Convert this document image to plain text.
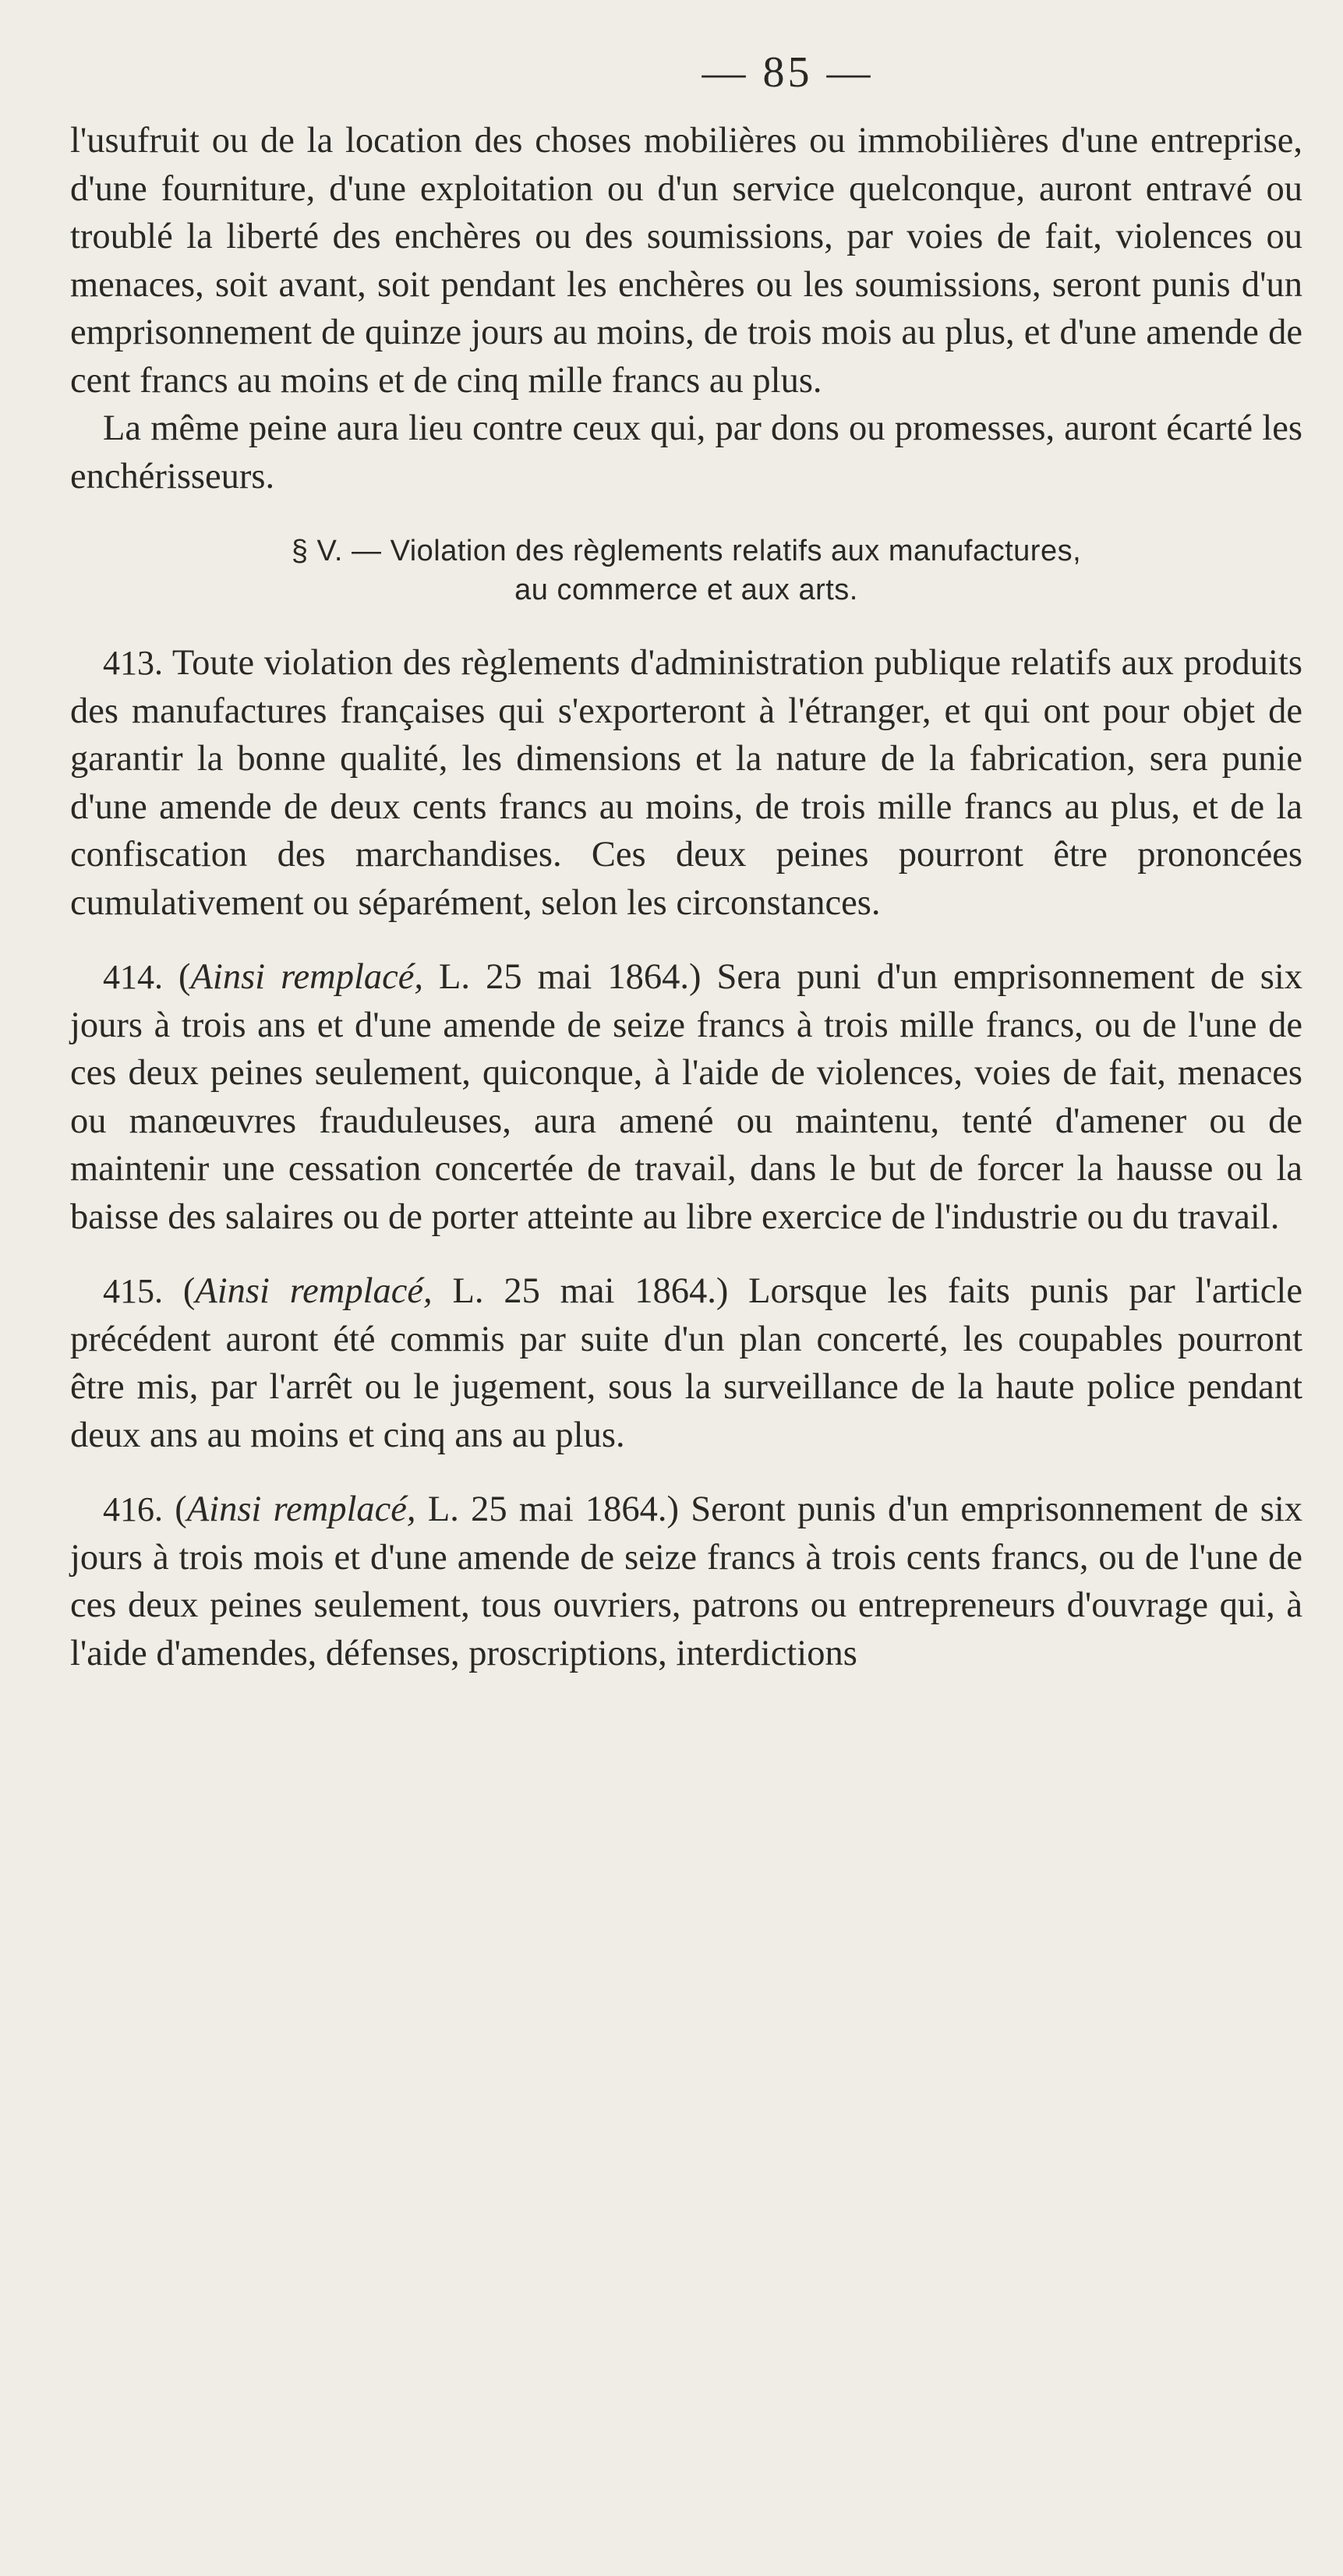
— 85 —

l'usufruit ou de la location des choses mobilières ou immobilières d'une entreprise, d'une fourniture, d'une exploitation ou d'un service quelconque, auront entravé ou troublé la liberté des enchères ou des soumissions, par voies de fait, violences ou menaces, soit avant, soit pendant les enchères ou les soumissions, seront punis d'un emprisonnement de quinze jours au moins, de trois mois au plus, et d'une amende de cent francs au moins et de cinq mille francs au plus.

La même peine aura lieu contre ceux qui, par dons ou promesses, auront écarté les enchérisseurs.

§ V. — Violation des règlements relatifs aux manufactures,
au commerce et aux arts.

413. Toute violation des règlements d'administration publique relatifs aux produits des manufactures françaises qui s'exporteront à l'étranger, et qui ont pour objet de garantir la bonne qualité, les dimensions et la nature de la fabrication, sera punie d'une amende de deux cents francs au moins, de trois mille francs au plus, et de la confiscation des marchandises. Ces deux peines pourront être prononcées cumulativement ou séparément, selon les circonstances.

414. (Ainsi remplacé, L. 25 mai 1864.) Sera puni d'un emprisonnement de six jours à trois ans et d'une amende de seize francs à trois mille francs, ou de l'une de ces deux peines seulement, quiconque, à l'aide de violences, voies de fait, menaces ou manœuvres frauduleuses, aura amené ou maintenu, tenté d'amener ou de maintenir une cessation concertée de travail, dans le but de forcer la hausse ou la baisse des salaires ou de porter atteinte au libre exercice de l'industrie ou du travail.

415. (Ainsi remplacé, L. 25 mai 1864.) Lorsque les faits punis par l'article précédent auront été commis par suite d'un plan concerté, les coupables pourront être mis, par l'arrêt ou le jugement, sous la surveillance de la haute police pendant deux ans au moins et cinq ans au plus.

416. (Ainsi remplacé, L. 25 mai 1864.) Seront punis d'un emprisonnement de six jours à trois mois et d'une amende de seize francs à trois cents francs, ou de l'une de ces deux peines seulement, tous ouvriers, patrons ou entrepreneurs d'ouvrage qui, à l'aide d'amendes, défenses, proscriptions, interdictions
